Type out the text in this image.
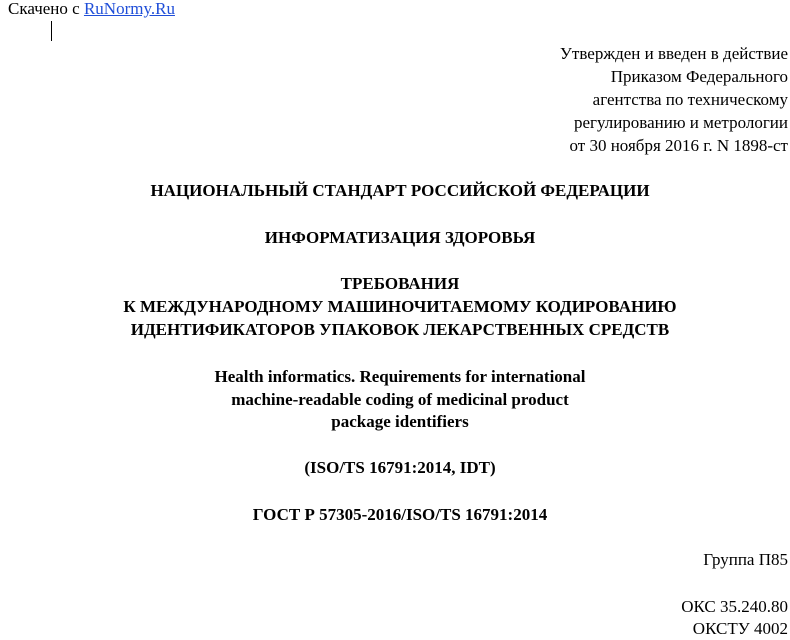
Скачено с RuNormy.Ru
Утвержден и введен в действие
Приказом Федерального
агентства по техническому
регулированию и метрологии
от 30 ноября 2016 г. N 1898-ст
НАЦИОНАЛЬНЫЙ СТАНДАРТ РОССИЙСКОЙ ФЕДЕРАЦИИ
ИНФОРМАТИЗАЦИЯ ЗДОРОВЬЯ
ТРЕБОВАНИЯ
К МЕЖДУНАРОДНОМУ МАШИНОЧИТАЕМОМУ КОДИРОВАНИЮ
ИДЕНТИФИКАТОРОВ УПАКОВОК ЛЕКАРСТВЕННЫХ СРЕДСТВ
Health informatics. Requirements for international
machine-readable coding of medicinal product
package identifiers
(ISO/TS 16791:2014, IDT)
ГОСТ Р 57305-2016/ISO/TS 16791:2014
Группа П85
ОКС 35.240.80
ОКСТУ 4002
